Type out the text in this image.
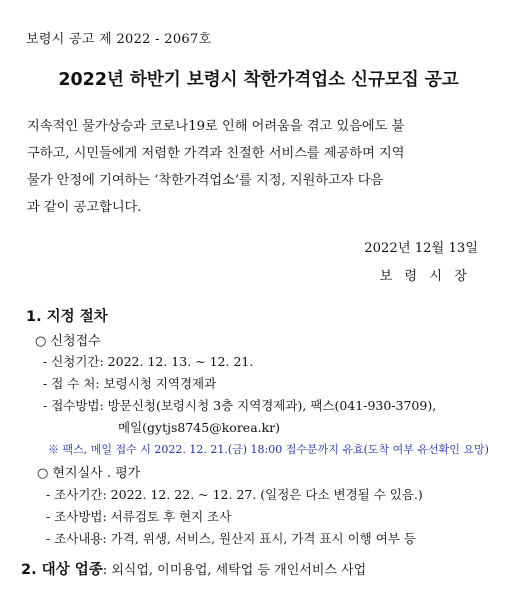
보령시 공고 제 2022 - 2067호
2022년 하반기 보령시 착한가격업소 신규모집 공고
지속적인 물가상승과 코로나19로 인해 어려움을 겪고 있음에도 불
구하고, 시민들에게 저렴한 가격과 친절한 서비스를 제공하며 지역
물가 안정에 기여하는 ‘착한가격업소’를 지정, 지원하고자 다음
과 같이 공고합니다.
2022년 12월 13일
보 령 시 장
1. 지정 절차
○ 신청접수
- 신청기간: 2022. 12. 13. ~ 12. 21.
- 접 수 처: 보령시청 지역경제과
- 접수방법: 방문신청(보령시청 3층 지역경제과), 팩스(041-930-3709),
메일(gytjs8745@korea.kr)
※ 팩스, 메일 접수 시 2022. 12. 21.(금) 18:00 접수분까지 유효(도착 여부 유선확인 요망)
○ 현지실사 . 평가
- 조사기간: 2022. 12. 22. ~ 12. 27. (일정은 다소 변경될 수 있음.)
- 조사방법: 서류검토 후 현지 조사
- 조사내용: 가격, 위생, 서비스, 원산지 표시, 가격 표시 이행 여부 등
2. 대상 업종: 외식업, 이미용업, 세탁업 등 개인서비스 사업
